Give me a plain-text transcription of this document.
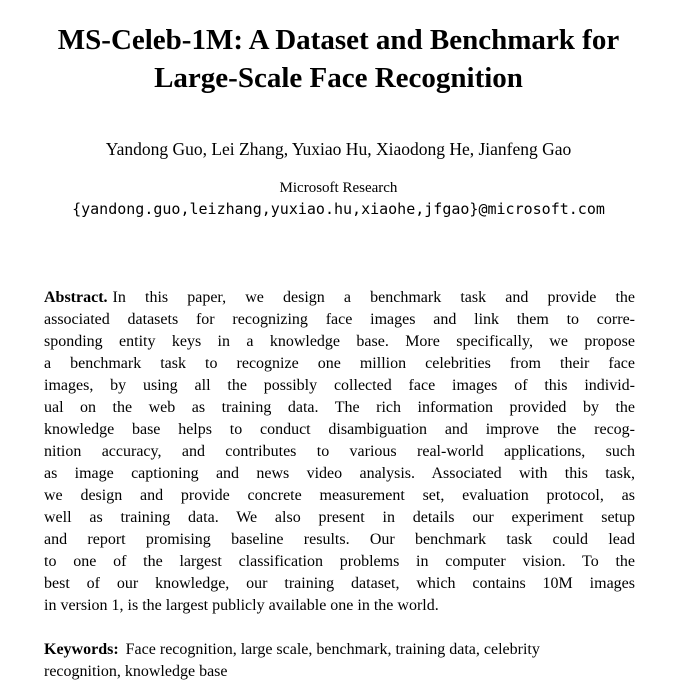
MS-Celeb-1M: A Dataset and Benchmark for
Large-Scale Face Recognition
Yandong Guo, Lei Zhang, Yuxiao Hu, Xiaodong He, Jianfeng Gao
Microsoft Research
{yandong.guo,leizhang,yuxiao.hu,xiaohe,jfgao}@microsoft.com
Abstract. In this paper, we design a benchmark task and provide the
associated datasets for recognizing face images and link them to corre-
sponding entity keys in a knowledge base. More specifically, we propose
a benchmark task to recognize one million celebrities from their face
images, by using all the possibly collected face images of this individ-
ual on the web as training data. The rich information provided by the
knowledge base helps to conduct disambiguation and improve the recog-
nition accuracy, and contributes to various real-world applications, such
as image captioning and news video analysis. Associated with this task,
we design and provide concrete measurement set, evaluation protocol, as
well as training data. We also present in details our experiment setup
and report promising baseline results. Our benchmark task could lead
to one of the largest classification problems in computer vision. To the
best of our knowledge, our training dataset, which contains 10M images
in version 1, is the largest publicly available one in the world.
Keywords: Face recognition, large scale, benchmark, training data, celebrity
recognition, knowledge base
